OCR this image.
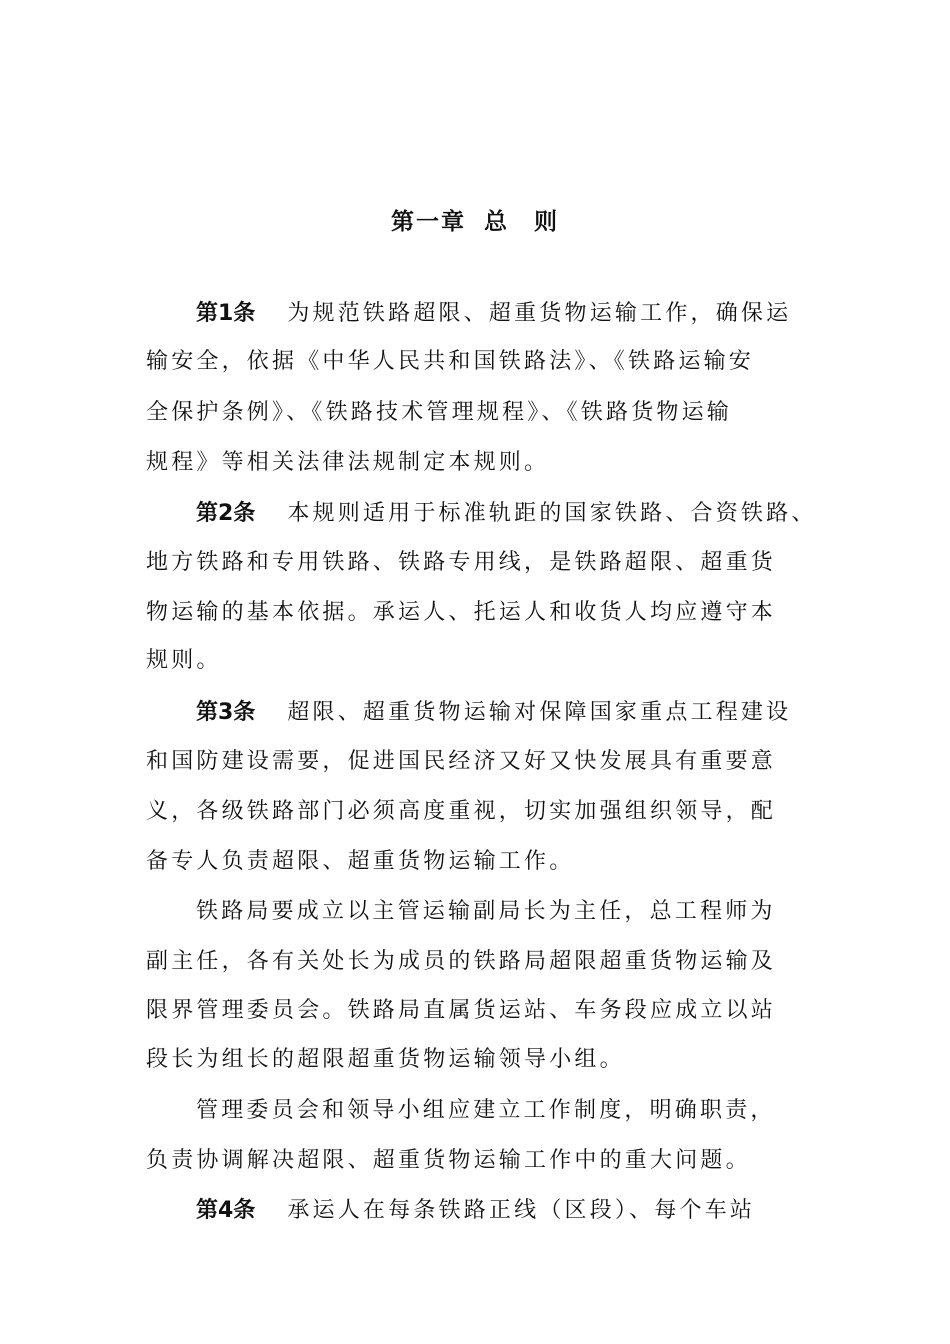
第一章 总　则
第1条 为规范铁路超限、超重货物运输工作，确保运
输安全，依据《中华人民共和国铁路法》、《铁路运输安
全保护条例》、《铁路技术管理规程》、《铁路货物运输
规程》等相关法律法规制定本规则。
第2条 本规则适用于标准轨距的国家铁路、合资铁路、
地方铁路和专用铁路、铁路专用线，是铁路超限、超重货
物运输的基本依据。承运人、托运人和收货人均应遵守本
规则。
第3条 超限、超重货物运输对保障国家重点工程建设
和国防建设需要，促进国民经济又好又快发展具有重要意
义，各级铁路部门必须高度重视，切实加强组织领导，配
备专人负责超限、超重货物运输工作。
铁路局要成立以主管运输副局长为主任，总工程师为
副主任，各有关处长为成员的铁路局超限超重货物运输及
限界管理委员会。铁路局直属货运站、车务段应成立以站
段长为组长的超限超重货物运输领导小组。
管理委员会和领导小组应建立工作制度，明确职责，
负责协调解决超限、超重货物运输工作中的重大问题。
第4条 承运人在每条铁路正线（区段）、每个车站
